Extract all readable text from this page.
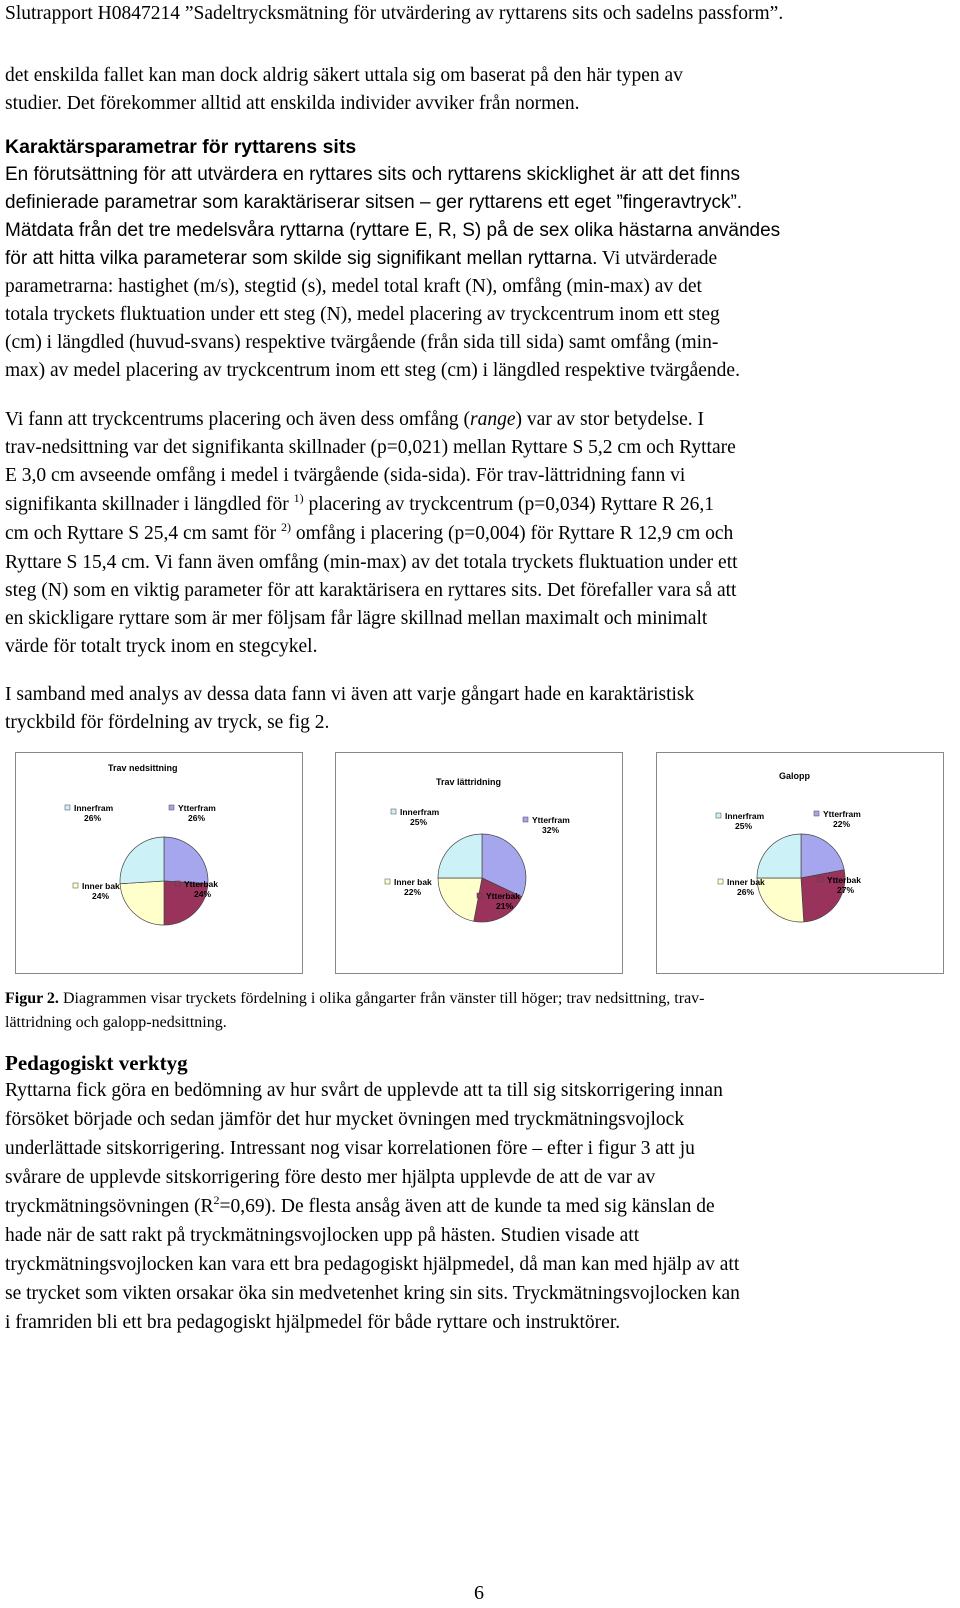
Slutrapport H0847214 ”Sadeltrycksmätning för utvärdering av ryttarens sits och sadelns passform”.
det enskilda fallet kan man dock aldrig säkert uttala sig om baserat på den här typen av
studier. Det förekommer alltid att enskilda individer avviker från normen.
Karaktärsparametrar för ryttarens sits
En förutsättning för att utvärdera en ryttares sits och ryttarens skicklighet är att det finns
definierade parametrar som karaktäriserar sitsen – ger ryttarens ett eget ”fingeravtryck”.
Mätdata från det tre medelsvåra ryttarna (ryttare E, R, S) på de sex olika hästarna användes
för att hitta vilka parameterar som skilde sig signifikant mellan ryttarna. Vi utvärderade
parametrarna: hastighet (m/s), stegtid (s), medel total kraft (N), omfång (min-max) av det
totala tryckets fluktuation under ett steg (N), medel placering av tryckcentrum inom ett steg
(cm) i längdled (huvud-svans) respektive tvärgående (från sida till sida) samt omfång (min-
max) av medel placering av tryckcentrum inom ett steg (cm) i längdled respektive tvärgående.
Vi fann att tryckcentrums placering och även dess omfång (range) var av stor betydelse. I
trav-nedsittning var det signifikanta skillnader (p=0,021) mellan Ryttare S 5,2 cm och Ryttare
E 3,0 cm avseende omfång i medel i tvärgående (sida-sida). För trav-lättridning fann vi
signifikanta skillnader i längdled för $^{1)}$ placering av tryckcentrum (p=0,034) Ryttare R 26,1
cm och Ryttare S 25,4 cm samt för $^{2)}$ omfång i placering (p=0,004) för Ryttare R 12,9 cm och
Ryttare S 15,4 cm. Vi fann även omfång (min-max) av det totala tryckets fluktuation under ett
steg (N) som en viktig parameter för att karaktärisera en ryttares sits. Det förefaller vara så att
en skickligare ryttare som är mer följsam får lägre skillnad mellan maximalt och minimalt
värde för totalt tryck inom en stegcykel.
I samband med analys av dessa data fann vi även att varje gångart hade en karaktäristisk
tryckbild för fördelning av tryck, se fig 2.
Trav nedsittning
Innerfram
26%
Ytterfram
26%
Ytterbak
24%
Inner bak
24%
Trav lättridning
Innerfram
25%	Ytterfram
32%
Ytterbak
21%
Inner bak
22%
Galopp
Innerfram
25%
Ytterfram
22%
Ytterbak
27%
Inner bak
26%
Figur 2. Diagrammen visar tryckets fördelning i olika gångarter från vänster till höger; trav nedsittning, trav-
lättridning och galopp-nedsittning.
Pedagogiskt verktyg
Ryttarna fick göra en bedömning av hur svårt de upplevde att ta till sig sitskorrigering innan
försöket började och sedan jämför det hur mycket övningen med tryckmätningsvojlock
underlättade sitskorrigering. Intressant nog visar korrelationen före – efter i figur 3 att ju
svårare de upplevde sitskorrigering före desto mer hjälpta upplevde de att de var av
tryckmätningsövningen $(R^2=0,69)$. De flesta ansåg även att de kunde ta med sig känslan de
hade när de satt rakt på tryckmätningsvojlocken upp på hästen. Studien visade att
tryckmätningsvojlocken kan vara ett bra pedagogiskt hjälpmedel, då man kan med hjälp av att
se trycket som vikten orsakar öka sin medvetenhet kring sin sits. Tryckmätningsvojlocken kan
i framriden bli ett bra pedagogiskt hjälpmedel för både ryttare och instruktörer.
6
